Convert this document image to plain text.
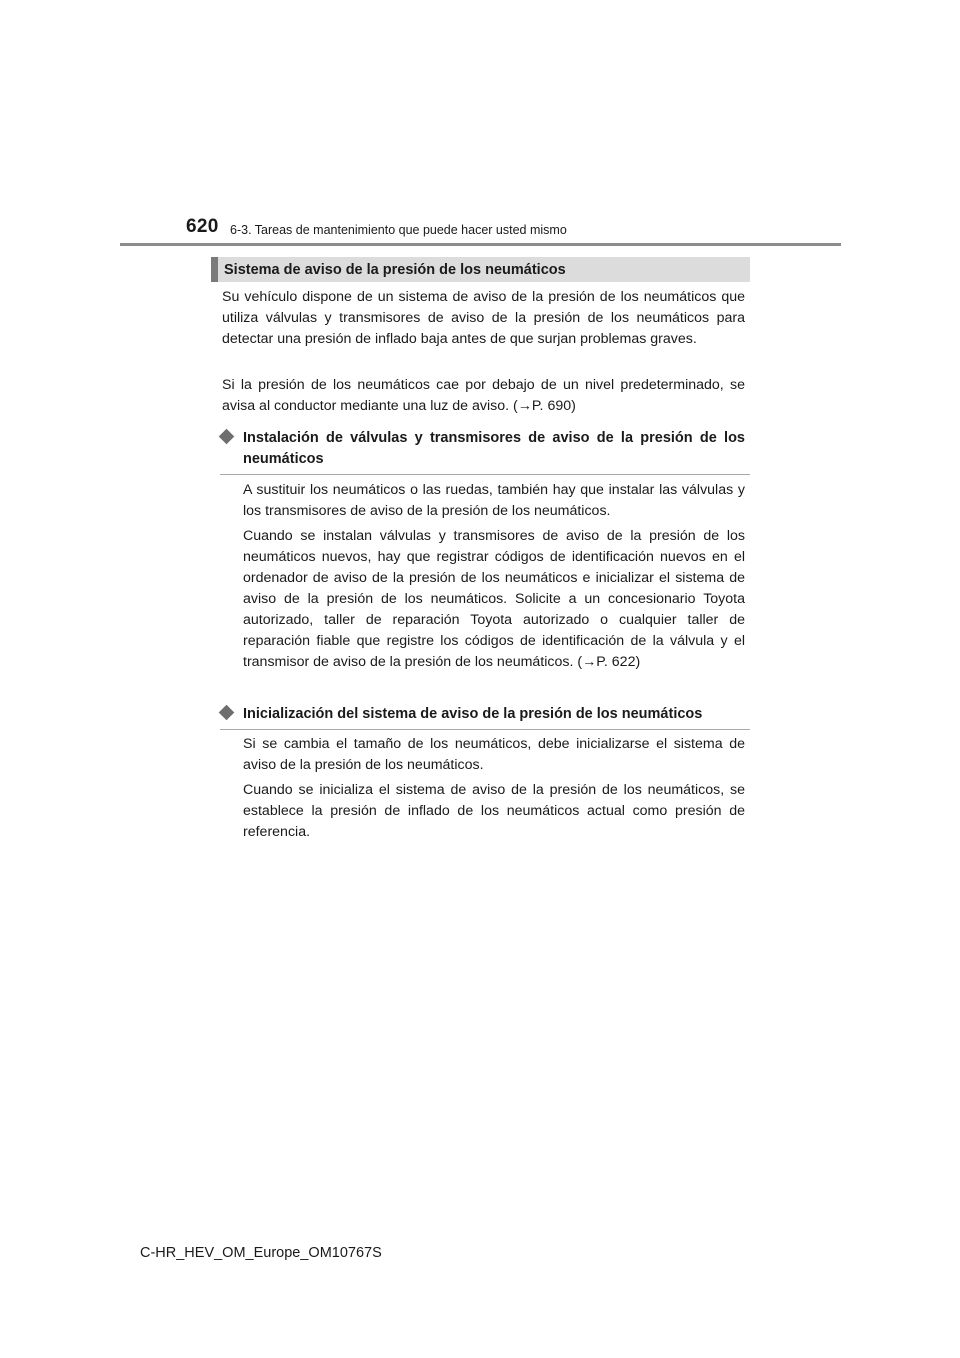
620 6-3. Tareas de mantenimiento que puede hacer usted mismo
Sistema de aviso de la presión de los neumáticos

Su vehículo dispone de un sistema de aviso de la presión de los neumáticos que utiliza válvulas y transmisores de aviso de la presión de los neumáticos para detectar una presión de inflado baja antes de que surjan problemas graves.

Si la presión de los neumáticos cae por debajo de un nivel predeterminado, se avisa al conductor mediante una luz de aviso. (→P. 690)

Instalación de válvulas y transmisores de aviso de la presión de los neumáticos

A sustituir los neumáticos o las ruedas, también hay que instalar las válvulas y los transmisores de aviso de la presión de los neumáticos.

Cuando se instalan válvulas y transmisores de aviso de la presión de los neumáticos nuevos, hay que registrar códigos de identificación nuevos en el ordenador de aviso de la presión de los neumáticos e inicializar el sistema de aviso de la presión de los neumáticos. Solicite a un concesionario Toyota autorizado, taller de reparación Toyota autorizado o cualquier taller de reparación fiable que registre los códigos de identificación de la válvula y el transmisor de aviso de la presión de los neumáticos. (→P. 622)

Inicialización del sistema de aviso de la presión de los neumáticos

Si se cambia el tamaño de los neumáticos, debe inicializarse el sistema de aviso de la presión de los neumáticos.

Cuando se inicializa el sistema de aviso de la presión de los neumáticos, se establece la presión de inflado de los neumáticos actual como presión de referencia.

C-HR_HEV_OM_Europe_OM10767S
